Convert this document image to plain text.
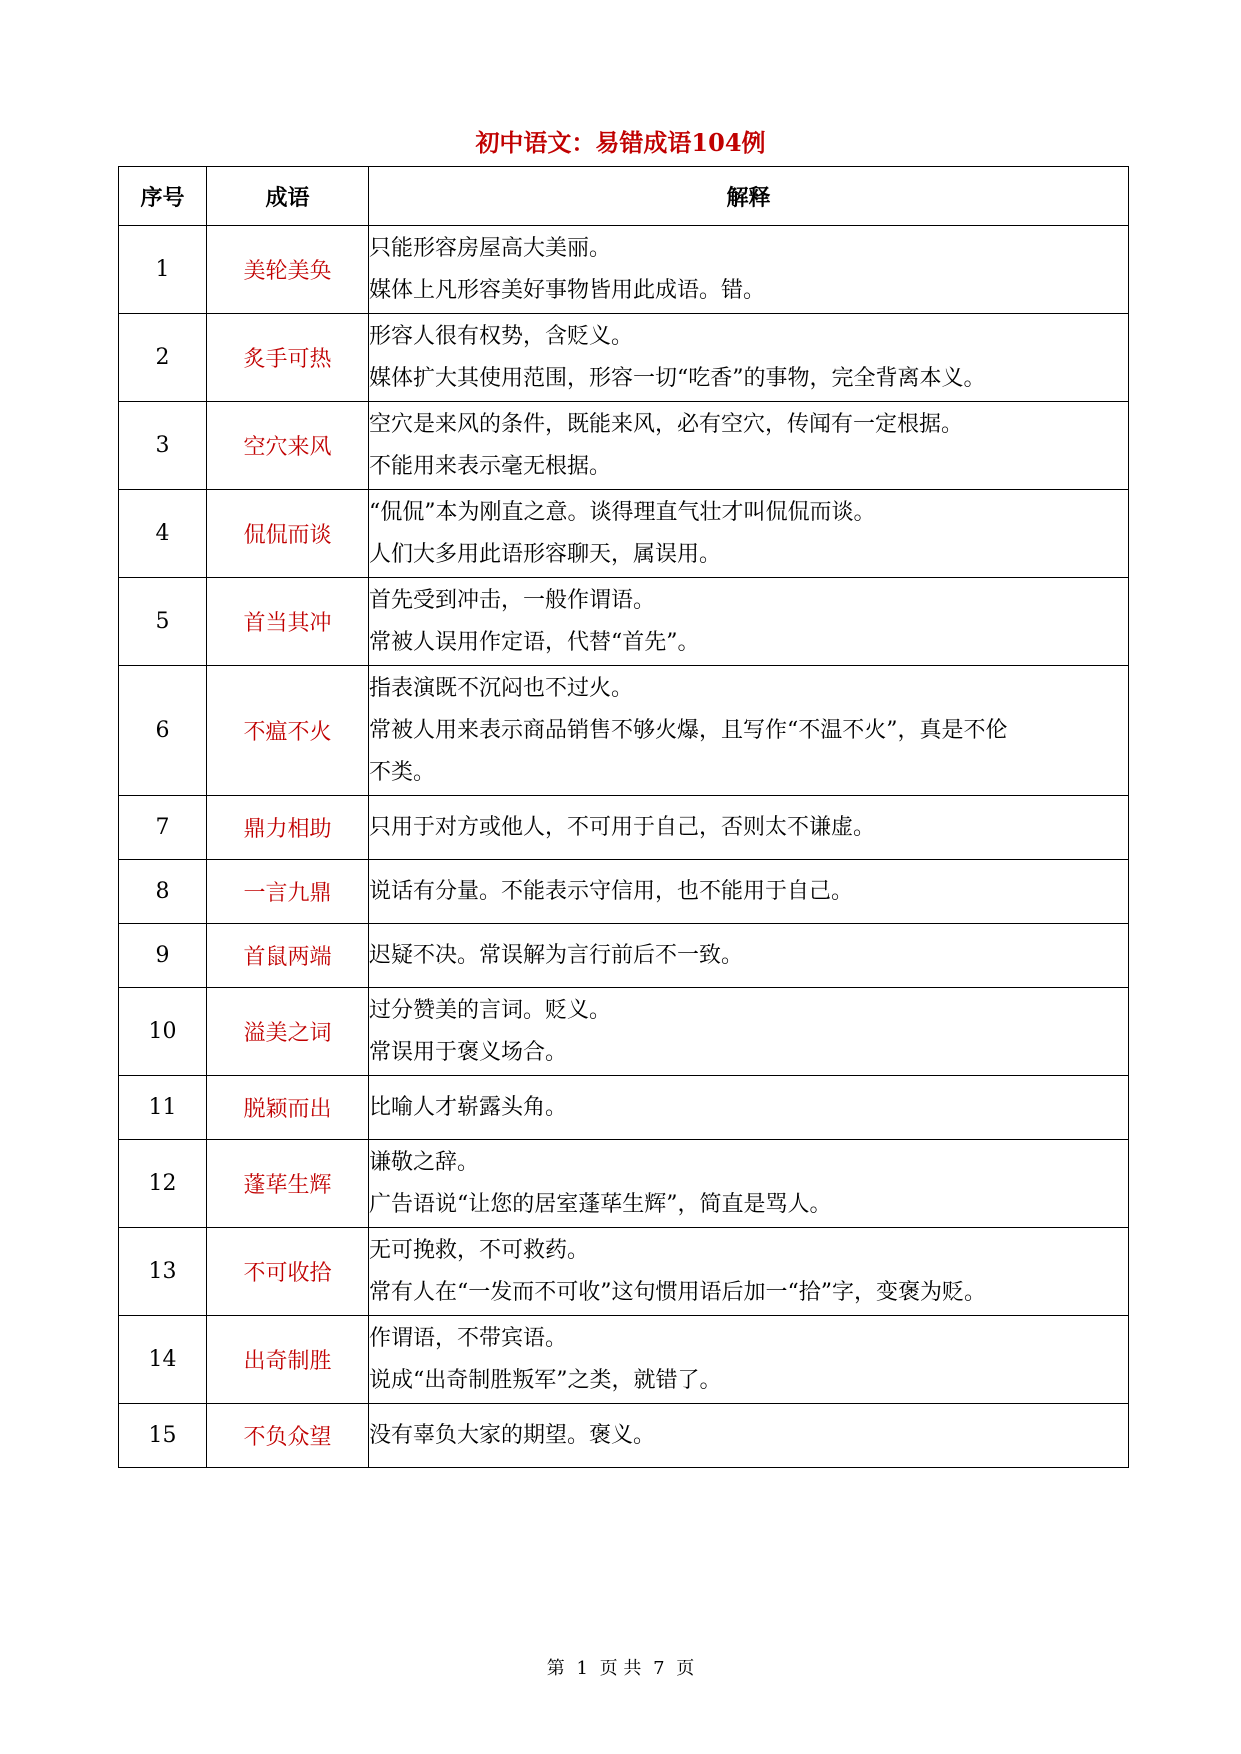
初中语文：易错成语104例
序号	成语	解释
1	美轮美奂	只能形容房屋高大美丽。
媒体上凡形容美好事物皆用此成语。错。

2	炙手可热	形容人很有权势，含贬义。
媒体扩大其使用范围，形容一切“吃香”的事物，完全背离本义。

3	空穴来风	空穴是来风的条件，既能来风，必有空穴，传闻有一定根据。
不能用来表示毫无根据。

4	侃侃而谈	“侃侃”本为刚直之意。谈得理直气壮才叫侃侃而谈。
人们大多用此语形容聊天，属误用。

5	首当其冲	首先受到冲击，一般作谓语。
常被人误用作定语，代替“首先”。

6	不瘟不火	指表演既不沉闷也不过火。
常被人用来表示商品销售不够火爆，且写作“不温不火”，真是不伦
不类。

7	鼎力相助	只用于对方或他人，不可用于自己，否则太不谦虚。

8	一言九鼎	说话有分量。不能表示守信用，也不能用于自己。

9	首鼠两端	迟疑不决。常误解为言行前后不一致。

10	溢美之词	过分赞美的言词。贬义。
常误用于褒义场合。

11	脱颖而出	比喻人才崭露头角。

12	蓬荜生辉	谦敬之辞。
广告语说“让您的居室蓬荜生辉”，简直是骂人。

13	不可收拾	无可挽救，不可救药。
常有人在“一发而不可收”这句惯用语后加一“拾”字，变褒为贬。

14	出奇制胜	作谓语，不带宾语。
说成“出奇制胜叛军”之类，就错了。

15	不负众望	没有辜负大家的期望。褒义。
第 1 页 共 7 页
